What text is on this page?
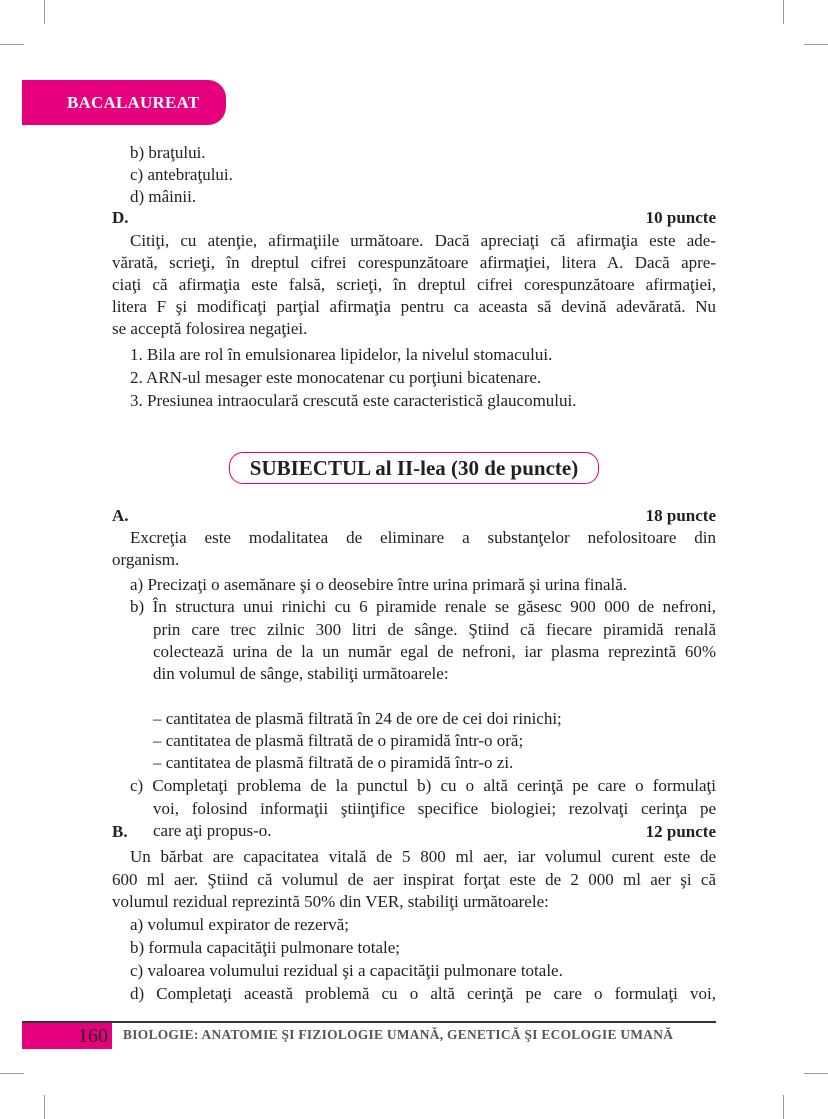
BACALAUREAT
b) braţului.
c) antebraţului.
d) mâinii.
D.	10 puncte
Citiţi, cu atenţie, afirmaţiile următoare. Dacă apreciaţi că afirmaţia este ade-
vărată, scrieţi, în dreptul cifrei corespunzătoare afirmaţiei, litera A. Dacă apre-
ciaţi că afirmaţia este falsă, scrieţi, în dreptul cifrei corespunzătoare afirmaţiei,
litera F şi modificaţi parţial afirmaţia pentru ca aceasta să devină adevărată. Nu
se acceptă folosirea negaţiei.
1. Bila are rol în emulsionarea lipidelor, la nivelul stomacului.
2. ARN-ul mesager este monocatenar cu porţiuni bicatenare.
3. Presiunea intraoculară crescută este caracteristică glaucomului.
SUBIECTUL al II-lea (30 de puncte)
A.	18 puncte
Excreţia este modalitatea de eliminare a substanţelor nefolositoare din
organism.
a) Precizaţi o asemănare şi o deosebire între urina primară şi urina finală.
b) În structura unui rinichi cu 6 piramide renale se găsesc 900 000 de nefroni,
prin care trec zilnic 300 litri de sânge. Ştiind că fiecare piramidă renală
colectează urina de la un număr egal de nefroni, iar plasma reprezintă 60%
din volumul de sânge, stabiliţi următoarele:
– cantitatea de plasmă filtrată în 24 de ore de cei doi rinichi;
– cantitatea de plasmă filtrată de o piramidă într-o oră;
– cantitatea de plasmă filtrată de o piramidă într-o zi.
c) Completaţi problema de la punctul b) cu o altă cerinţă pe care o formulaţi
voi, folosind informaţii ştiinţifice specifice biologiei; rezolvaţi cerinţa pe
care aţi propus-o.
B.	12 puncte
Un bărbat are capacitatea vitală de 5 800 ml aer, iar volumul curent este de
600 ml aer. Ştiind că volumul de aer inspirat forţat este de 2 000 ml aer şi că
volumul rezidual reprezintă 50% din VER, stabiliţi următoarele:
a) volumul expirator de rezervă;
b) formula capacităţii pulmonare totale;
c) valoarea volumului rezidual şi a capacităţii pulmonare totale.
d) Completaţi această problemă cu o altă cerinţă pe care o formulaţi voi,
160 BIOLOGIE: ANATOMIE ŞI FIZIOLOGIE UMANĂ, GENETICĂ ŞI ECOLOGIE UMANĂ
